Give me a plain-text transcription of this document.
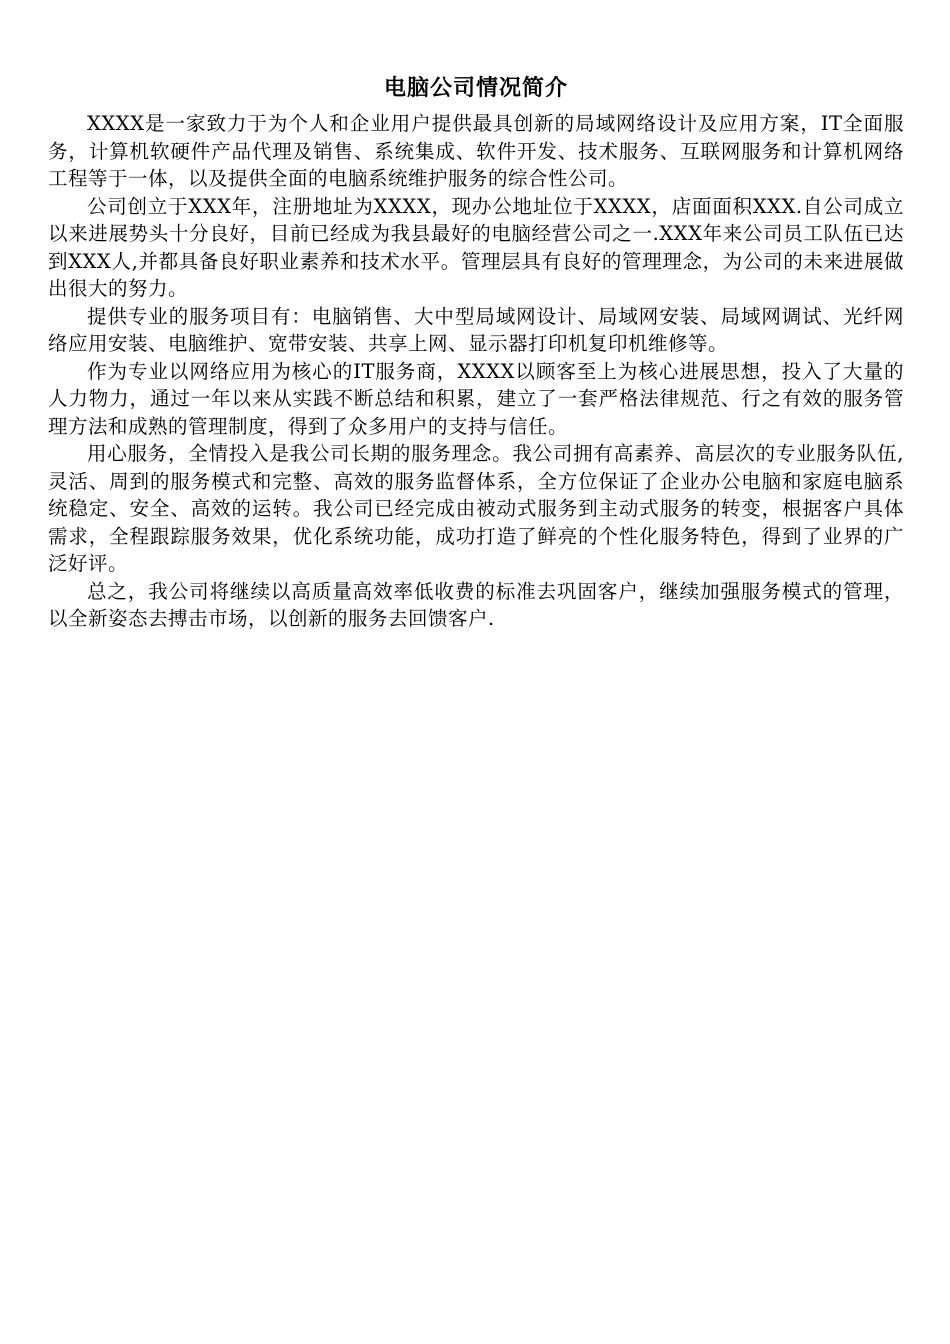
电脑公司情况简介

XXXX是一家致力于为个人和企业用户提供最具创新的局域网络设计及应用方案，IT全面服务，计算机软硬件产品代理及销售、系统集成、软件开发、技术服务、互联网服务和计算机网络工程等于一体，以及提供全面的电脑系统维护服务的综合性公司。

公司创立于XXX年，注册地址为XXXX，现办公地址位于XXXX，店面面积XXX.自公司成立以来进展势头十分良好，目前已经成为我县最好的电脑经营公司之一.XXX年来公司员工队伍已达到XXX人,并都具备良好职业素养和技术水平。管理层具有良好的管理理念，为公司的未来进展做出很大的努力。

提供专业的服务项目有：电脑销售、大中型局域网设计、局域网安装、局域网调试、光纤网络应用安装、电脑维护、宽带安装、共享上网、显示器打印机复印机维修等。

作为专业以网络应用为核心的IT服务商，XXXX以顾客至上为核心进展思想，投入了大量的人力物力，通过一年以来从实践不断总结和积累，建立了一套严格法律规范、行之有效的服务管理方法和成熟的管理制度，得到了众多用户的支持与信任。

用心服务，全情投入是我公司长期的服务理念。我公司拥有高素养、高层次的专业服务队伍,灵活、周到的服务模式和完整、高效的服务监督体系，全方位保证了企业办公电脑和家庭电脑系统稳定、安全、高效的运转。我公司已经完成由被动式服务到主动式服务的转变，根据客户具体需求，全程跟踪服务效果，优化系统功能，成功打造了鲜亮的个性化服务特色，得到了业界的广泛好评。

总之，我公司将继续以高质量高效率低收费的标准去巩固客户，继续加强服务模式的管理，以全新姿态去搏击市场，以创新的服务去回馈客户.
